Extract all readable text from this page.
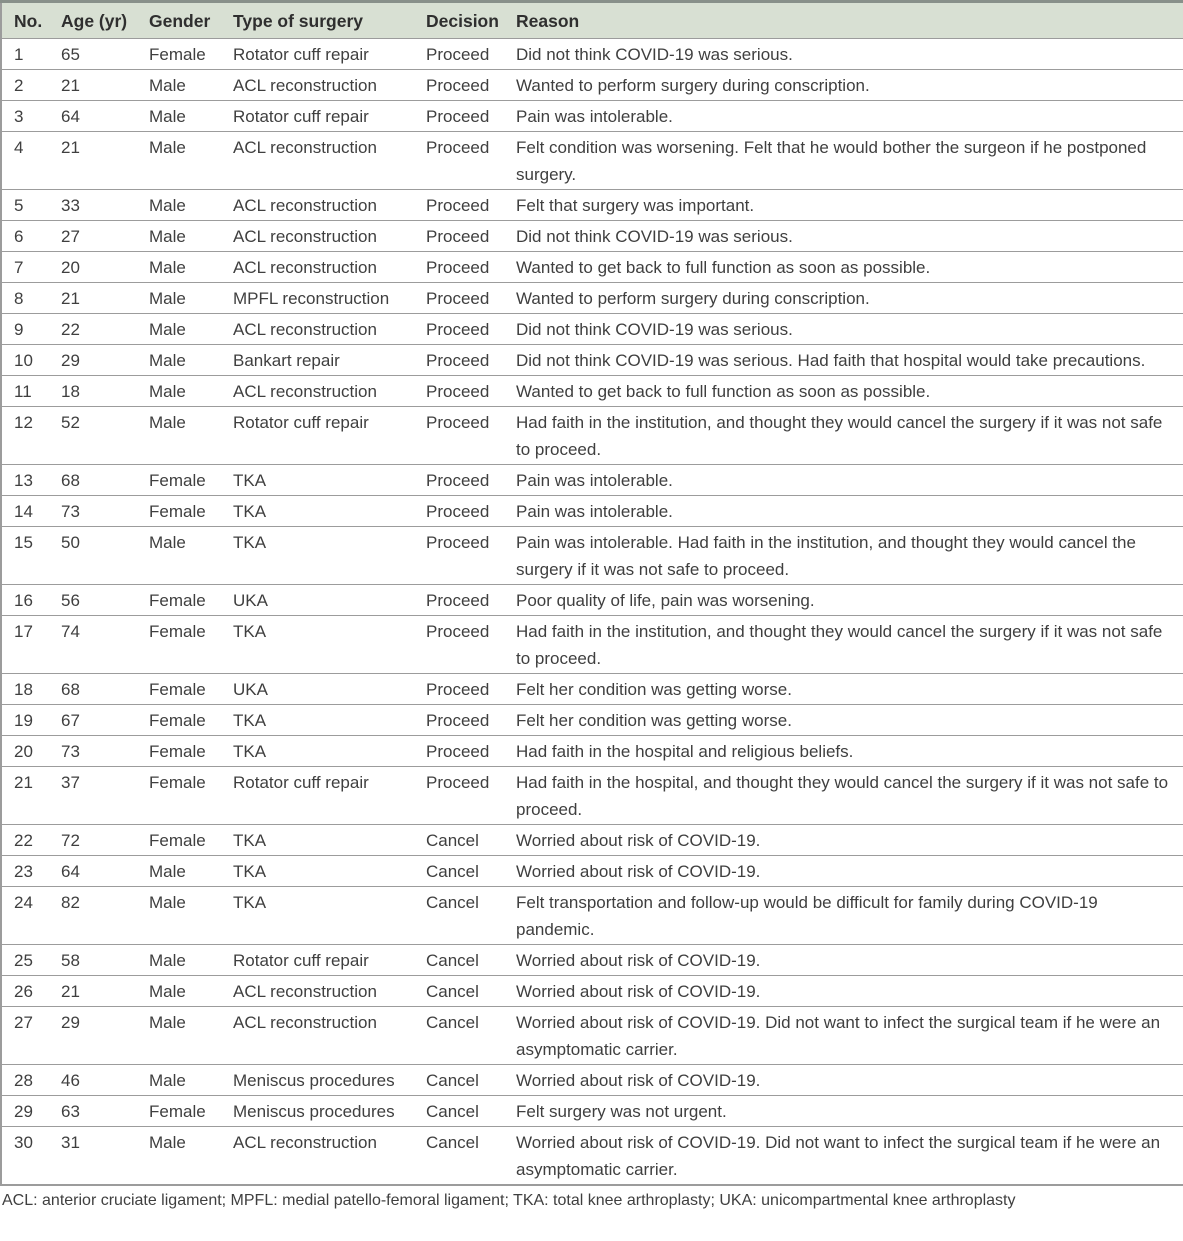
No.	Age (yr)	Gender	Type of surgery	Decision	Reason
1	65	Female	Rotator cuff repair	Proceed	Did not think COVID-19 was serious.
2	21	Male	ACL reconstruction	Proceed	Wanted to perform surgery during conscription.
3	64	Male	Rotator cuff repair	Proceed	Pain was intolerable.
4	21	Male	ACL reconstruction	Proceed	Felt condition was worsening. Felt that he would bother the surgeon if he postponed surgery.
5	33	Male	ACL reconstruction	Proceed	Felt that surgery was important.
6	27	Male	ACL reconstruction	Proceed	Did not think COVID-19 was serious.
7	20	Male	ACL reconstruction	Proceed	Wanted to get back to full function as soon as possible.
8	21	Male	MPFL reconstruction	Proceed	Wanted to perform surgery during conscription.
9	22	Male	ACL reconstruction	Proceed	Did not think COVID-19 was serious.
10	29	Male	Bankart repair	Proceed	Did not think COVID-19 was serious. Had faith that hospital would take precautions.
11	18	Male	ACL reconstruction	Proceed	Wanted to get back to full function as soon as possible.
12	52	Male	Rotator cuff repair	Proceed	Had faith in the institution, and thought they would cancel the surgery if it was not safe to proceed.
13	68	Female	TKA	Proceed	Pain was intolerable.
14	73	Female	TKA	Proceed	Pain was intolerable.
15	50	Male	TKA	Proceed	Pain was intolerable. Had faith in the institution, and thought they would cancel the surgery if it was not safe to proceed.
16	56	Female	UKA	Proceed	Poor quality of life, pain was worsening.
17	74	Female	TKA	Proceed	Had faith in the institution, and thought they would cancel the surgery if it was not safe to proceed.
18	68	Female	UKA	Proceed	Felt her condition was getting worse.
19	67	Female	TKA	Proceed	Felt her condition was getting worse.
20	73	Female	TKA	Proceed	Had faith in the hospital and religious beliefs.
21	37	Female	Rotator cuff repair	Proceed	Had faith in the hospital, and thought they would cancel the surgery if it was not safe to proceed.
22	72	Female	TKA	Cancel	Worried about risk of COVID-19.
23	64	Male	TKA	Cancel	Worried about risk of COVID-19.
24	82	Male	TKA	Cancel	Felt transportation and follow-up would be difficult for family during COVID-19 pandemic.
25	58	Male	Rotator cuff repair	Cancel	Worried about risk of COVID-19.
26	21	Male	ACL reconstruction	Cancel	Worried about risk of COVID-19.
27	29	Male	ACL reconstruction	Cancel	Worried about risk of COVID-19. Did not want to infect the surgical team if he were an asymptomatic carrier.
28	46	Male	Meniscus procedures	Cancel	Worried about risk of COVID-19.
29	63	Female	Meniscus procedures	Cancel	Felt surgery was not urgent.
30	31	Male	ACL reconstruction	Cancel	Worried about risk of COVID-19. Did not want to infect the surgical team if he were an asymptomatic carrier.
ACL: anterior cruciate ligament; MPFL: medial patello-femoral ligament; TKA: total knee arthroplasty; UKA: unicompartmental knee arthroplasty
